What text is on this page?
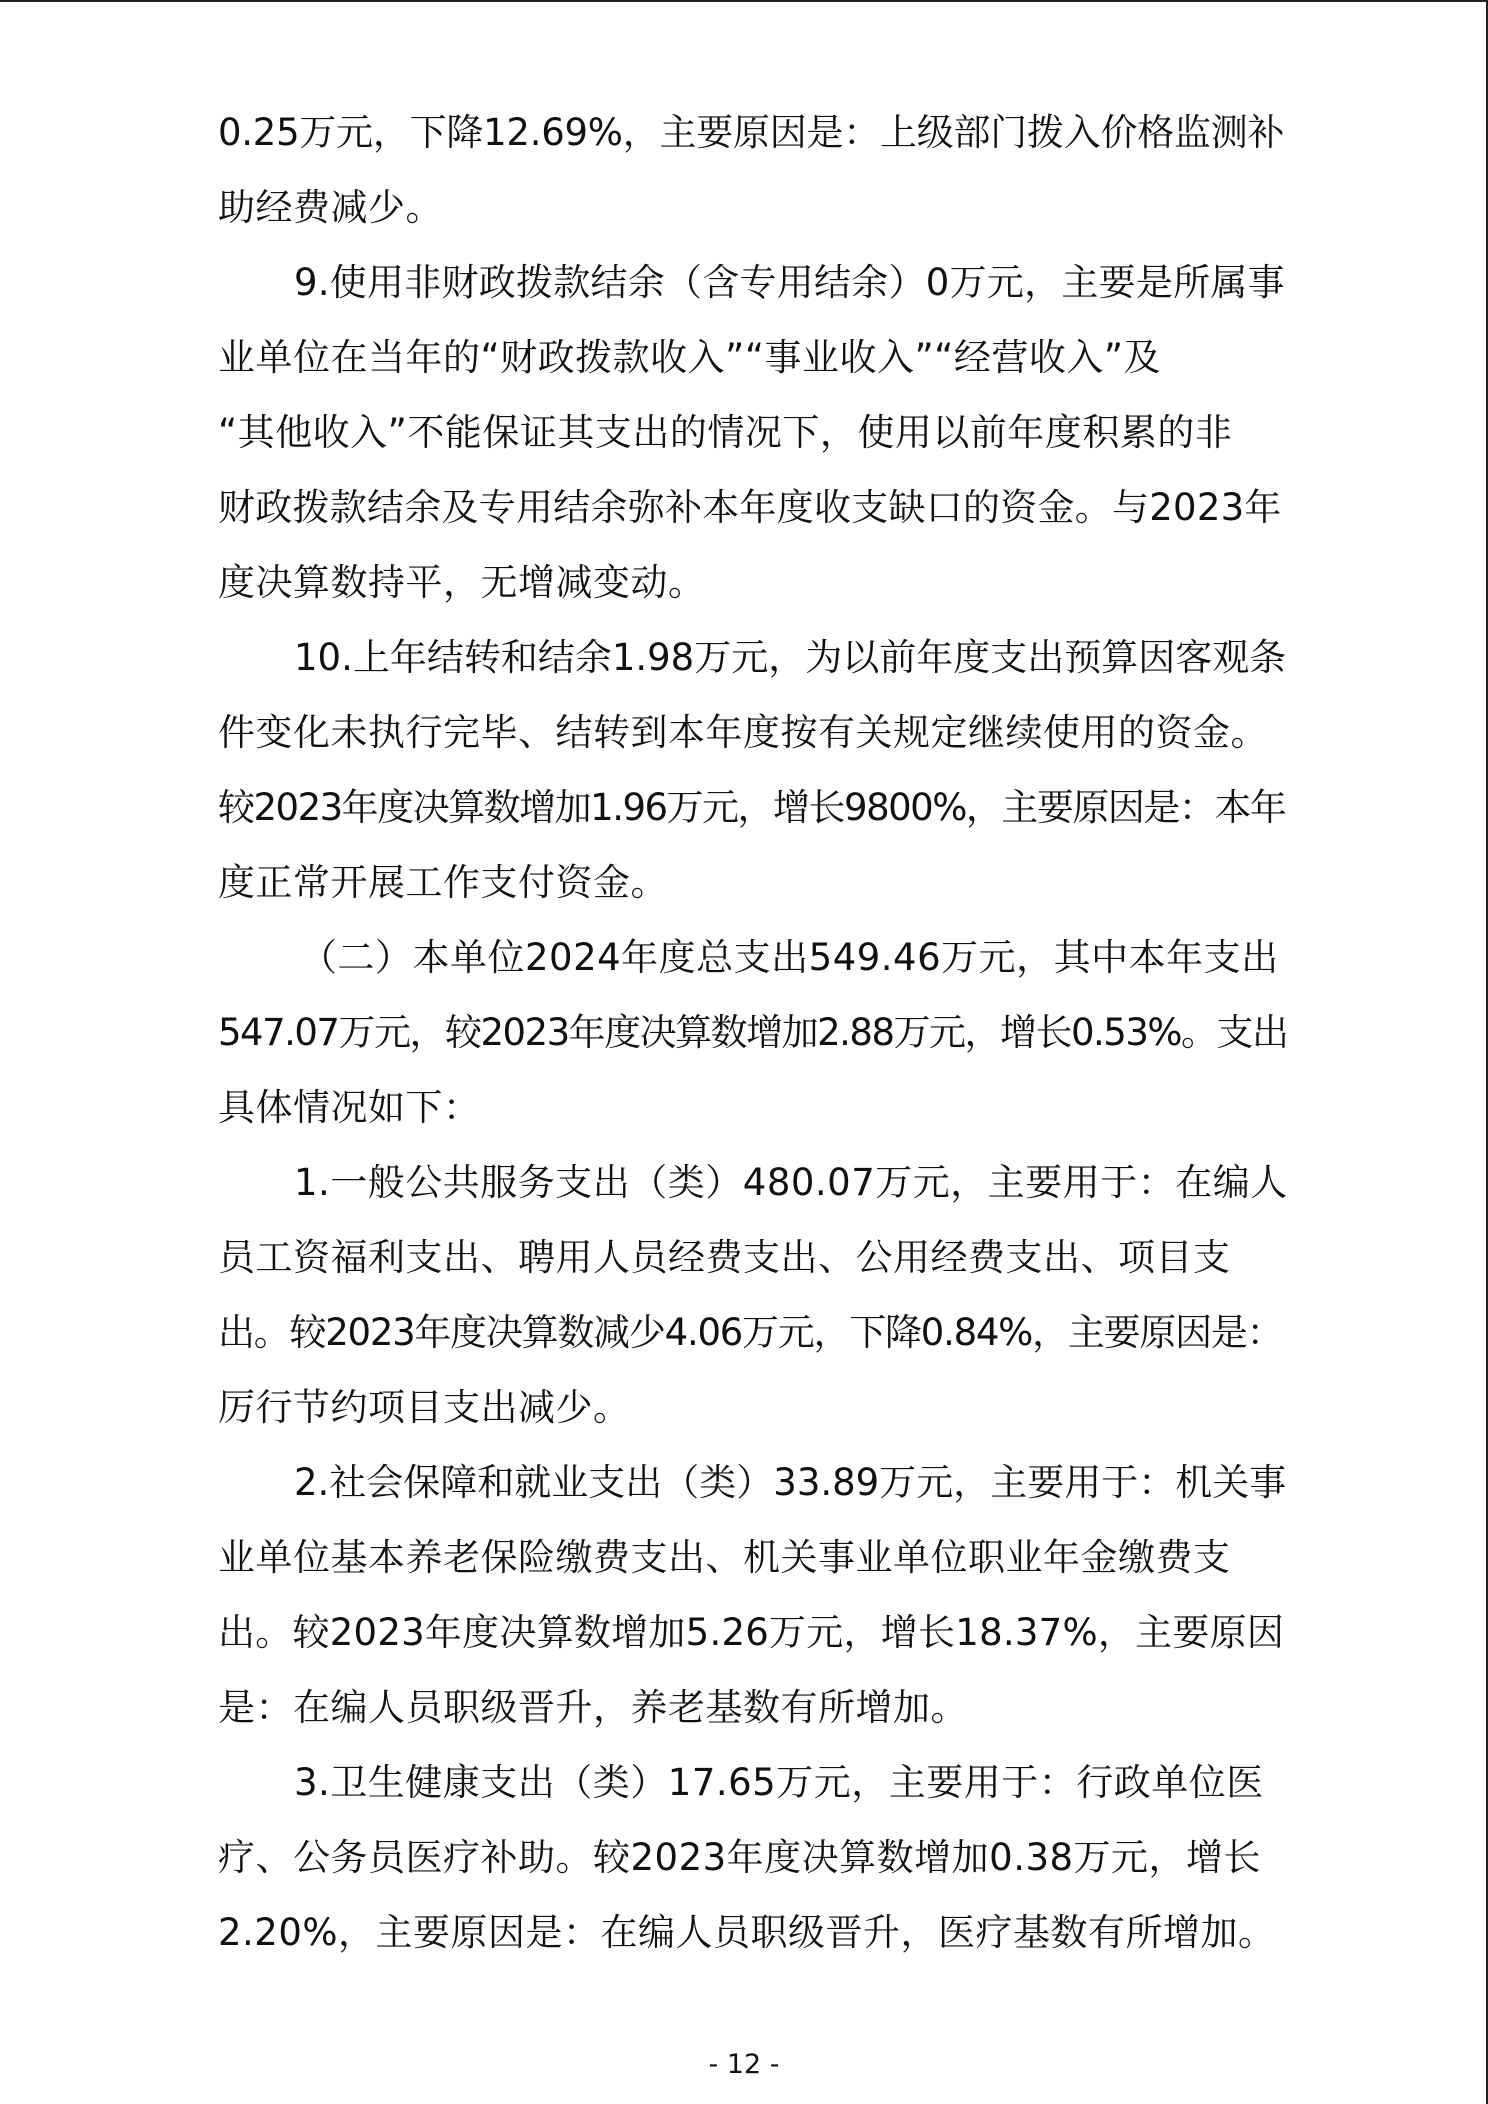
0.25万元，下降12.69%，主要原因是：上级部门拨入价格监测补
助经费减少。

9.使用非财政拨款结余（含专用结余）0万元，主要是所属事
业单位在当年的“财政拨款收入”“事业收入”“经营收入”及
“其他收入”不能保证其支出的情况下，使用以前年度积累的非
财政拨款结余及专用结余弥补本年度收支缺口的资金。与2023年
度决算数持平，无增减变动。

10.上年结转和结余1.98万元，为以前年度支出预算因客观条
件变化未执行完毕、结转到本年度按有关规定继续使用的资金。
较2023年度决算数增加1.96万元，增长9800%，主要原因是：本年
度正常开展工作支付资金。

（二）本单位2024年度总支出549.46万元，其中本年支出
547.07万元，较2023年度决算数增加2.88万元，增长0.53%。支出
具体情况如下：

1.一般公共服务支出（类）480.07万元，主要用于：在编人
员工资福利支出、聘用人员经费支出、公用经费支出、项目支
出。较2023年度决算数减少4.06万元，下降0.84%，主要原因是：
厉行节约项目支出减少。

2.社会保障和就业支出（类）33.89万元，主要用于：机关事
业单位基本养老保险缴费支出、机关事业单位职业年金缴费支
出。较2023年度决算数增加5.26万元，增长18.37%，主要原因
是：在编人员职级晋升，养老基数有所增加。

3.卫生健康支出（类）17.65万元，主要用于：行政单位医
疗、公务员医疗补助。较2023年度决算数增加0.38万元，增长
2.20%，主要原因是：在编人员职级晋升，医疗基数有所增加。

- 12 -
